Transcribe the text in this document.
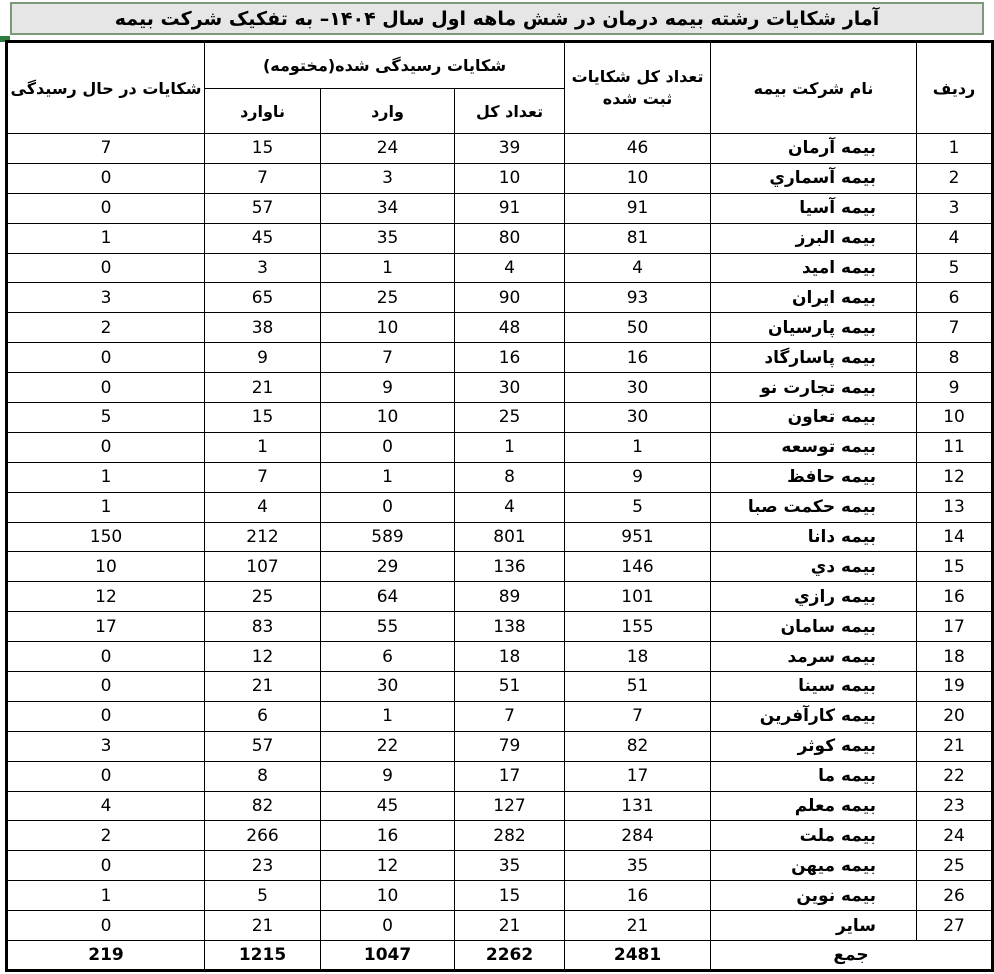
آمار شکایات رشته بیمه درمان در شش ماهه اول سال ۱۴۰۴– به تفکیک شرکت بیمه
ردیف	نام شرکت بیمه	تعداد کل شکایات ثبت شده	شکایات رسیدگی شده(مختومه)			شکایات در حال رسیدگی
			تعداد کل	وارد	ناوارد	
1	بیمه آرمان	46	39	24	15	7
2	بیمه آسماري	10	10	3	7	0
3	بیمه آسیا	91	91	34	57	0
4	بیمه البرز	81	80	35	45	1
5	بیمه امید	4	4	1	3	0
6	بیمه ایران	93	90	25	65	3
7	بیمه پارسیان	50	48	10	38	2
8	بیمه پاسارگاد	16	16	7	9	0
9	بیمه تجارت نو	30	30	9	21	0
10	بیمه تعاون	30	25	10	15	5
11	بیمه توسعه	1	1	0	1	0
12	بیمه حافظ	9	8	1	7	1
13	بیمه حکمت صبا	5	4	0	4	1
14	بیمه دانا	951	801	589	212	150
15	بیمه دي	146	136	29	107	10
16	بیمه رازي	101	89	64	25	12
17	بیمه سامان	155	138	55	83	17
18	بیمه سرمد	18	18	6	12	0
19	بیمه سینا	51	51	30	21	0
20	بیمه کارآفرین	7	7	1	6	0
21	بیمه کوثر	82	79	22	57	3
22	بیمه ما	17	17	9	8	0
23	بیمه معلم	131	127	45	82	4
24	بیمه ملت	284	282	16	266	2
25	بیمه میهن	35	35	12	23	0
26	بیمه نوین	16	15	10	5	1
27	سایر	21	21	0	21	0
جمع		2481	2262	1047	1215	219
